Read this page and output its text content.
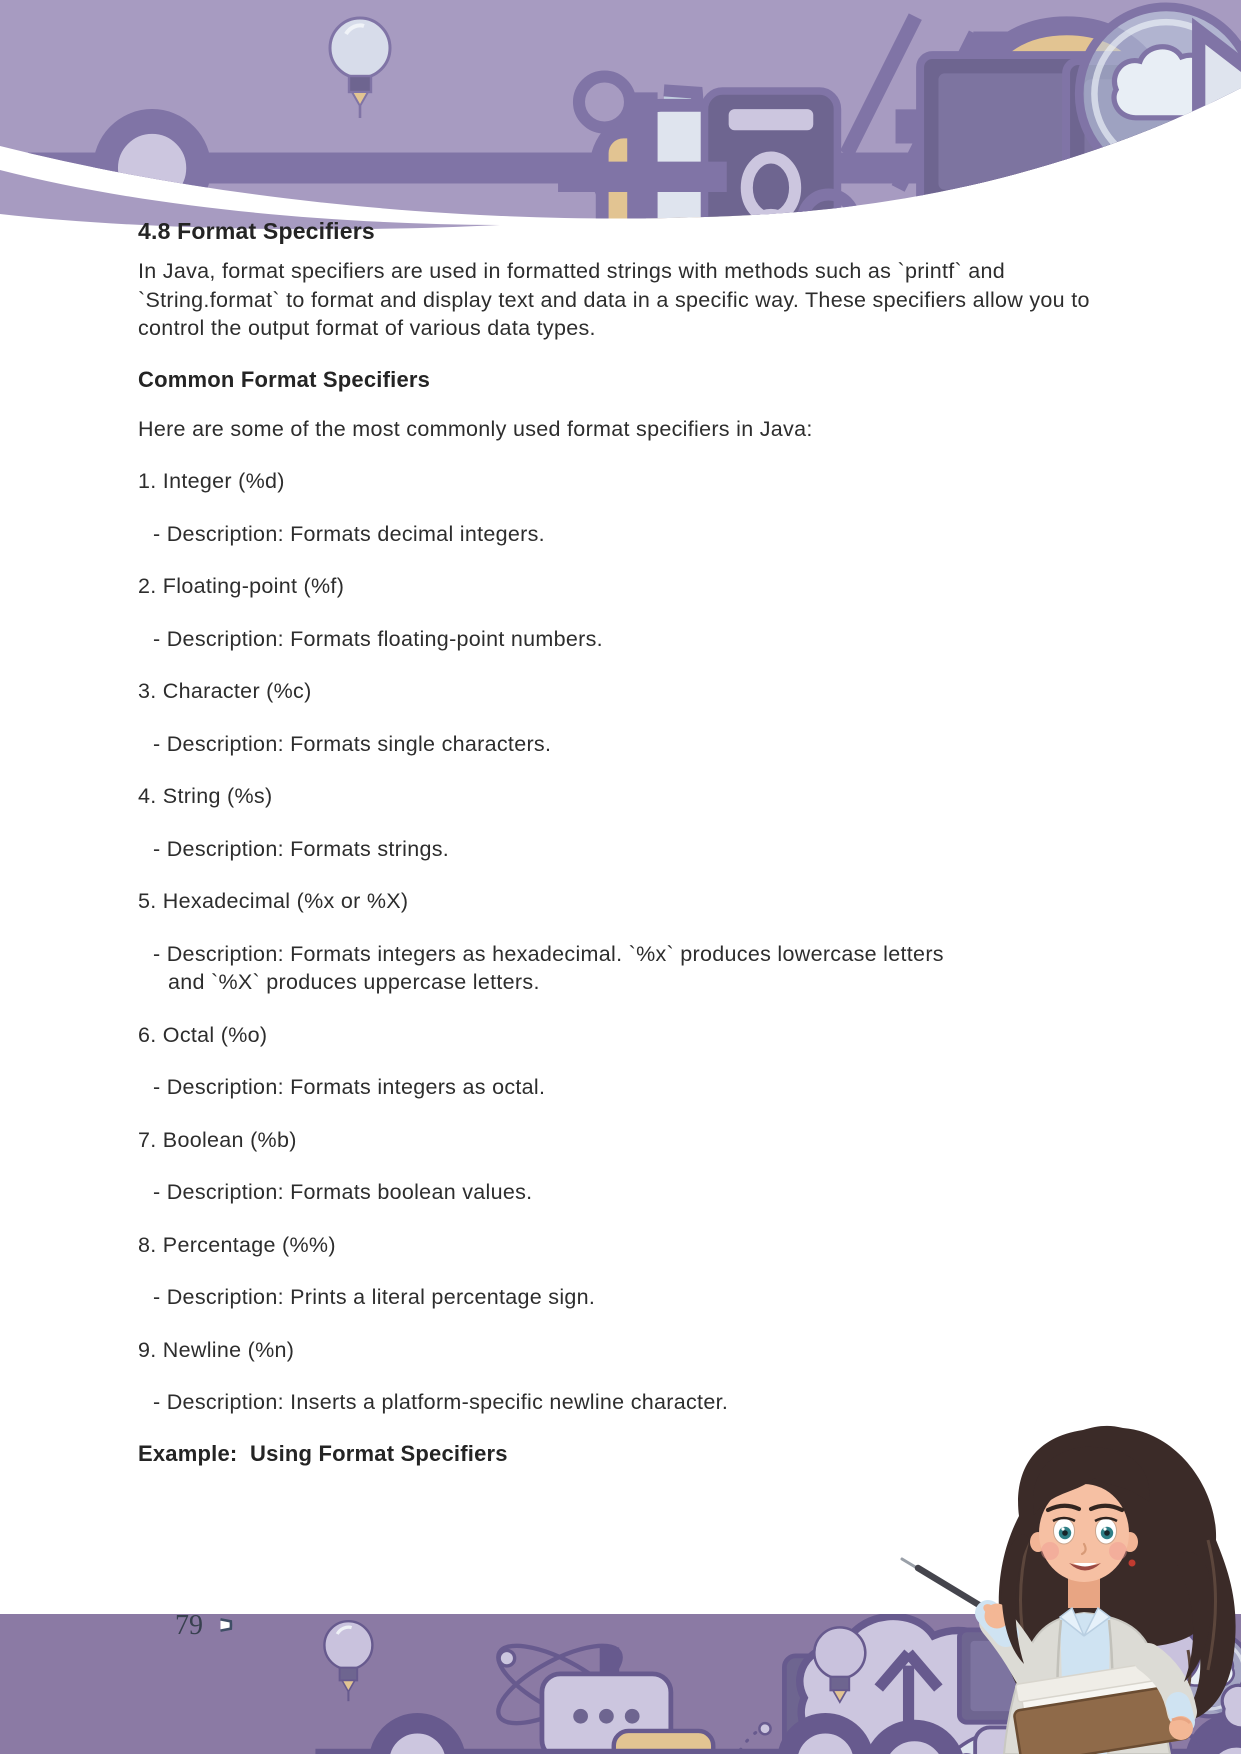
4.8 Format Specifiers

In Java, format specifiers are used in formatted strings with methods such as `printf` and `String.format` to format and display text and data in a specific way. These specifiers allow you to control the output format of various data types.

Common Format Specifiers

Here are some of the most commonly used format specifiers in Java:

1. Integer (%d)

- Description: Formats decimal integers.

2. Floating-point (%f)

- Description: Formats floating-point numbers.

3. Character (%c)

- Description: Formats single characters.

4. String (%s)

- Description: Formats strings.

5. Hexadecimal (%x or %X)

- Description: Formats integers as hexadecimal. `%x` produces lowercase letters  and `%X` produces uppercase letters.

6. Octal (%o)

- Description: Formats integers as octal.

7. Boolean (%b)

- Description: Formats boolean values.

8. Percentage (%%)

- Description: Prints a literal percentage sign.

9. Newline (%n)

- Description: Inserts a platform-specific newline character.

Example:  Using Format Specifiers
79
